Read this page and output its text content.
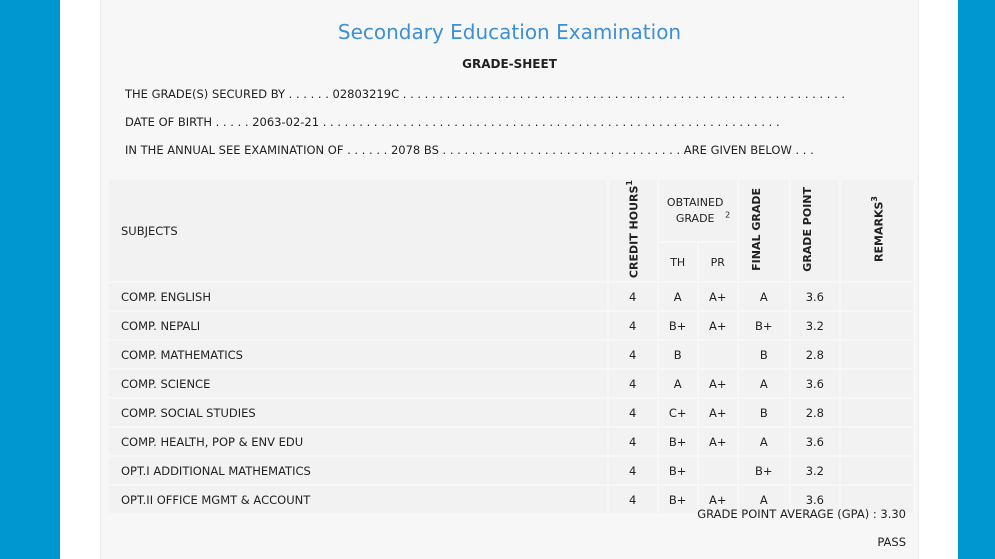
Secondary Education Examination
GRADE-SHEET
THE GRADE(S) SECURED BY . . . . . . 02803219C . . . . . . . . . . . . . . . . . . . . . . . . . . . . . . . . . . . . . . . . . . . . . . . . . . . . . . . . . . . . .
DATE OF BIRTH . . . . . 2063-02-21 . . . . . . . . . . . . . . . . . . . . . . . . . . . . . . . . . . . . . . . . . . . . . . . . . . . . . . . . . . . . . . .
IN THE ANNUAL SEE EXAMINATION OF . . . . . . 2078 BS . . . . . . . . . . . . . . . . . . . . . . . . . . . . . . . . . ARE GIVEN BELOW . . .
SUBJECTS	CREDIT HOURS$^1$	OBTAINED GRADE $^2$		FINAL GRADE	GRADE POINT	REMARKS$^3$
		TH	PR			
COMP. ENGLISH	4	A	A+	A	3.6	
COMP. NEPALI	4	B+	A+	B+	3.2	
COMP. MATHEMATICS	4	B		B	2.8	
COMP. SCIENCE	4	A	A+	A	3.6	
COMP. SOCIAL STUDIES	4	C+	A+	B	2.8	
COMP. HEALTH, POP & ENV EDU	4	B+	A+	A	3.6	
OPT.I ADDITIONAL MATHEMATICS	4	B+		B+	3.2	
OPT.II OFFICE MGMT & ACCOUNT	4	B+	A+	A	3.6	
GRADE POINT AVERAGE (GPA) : 3.30
PASS
